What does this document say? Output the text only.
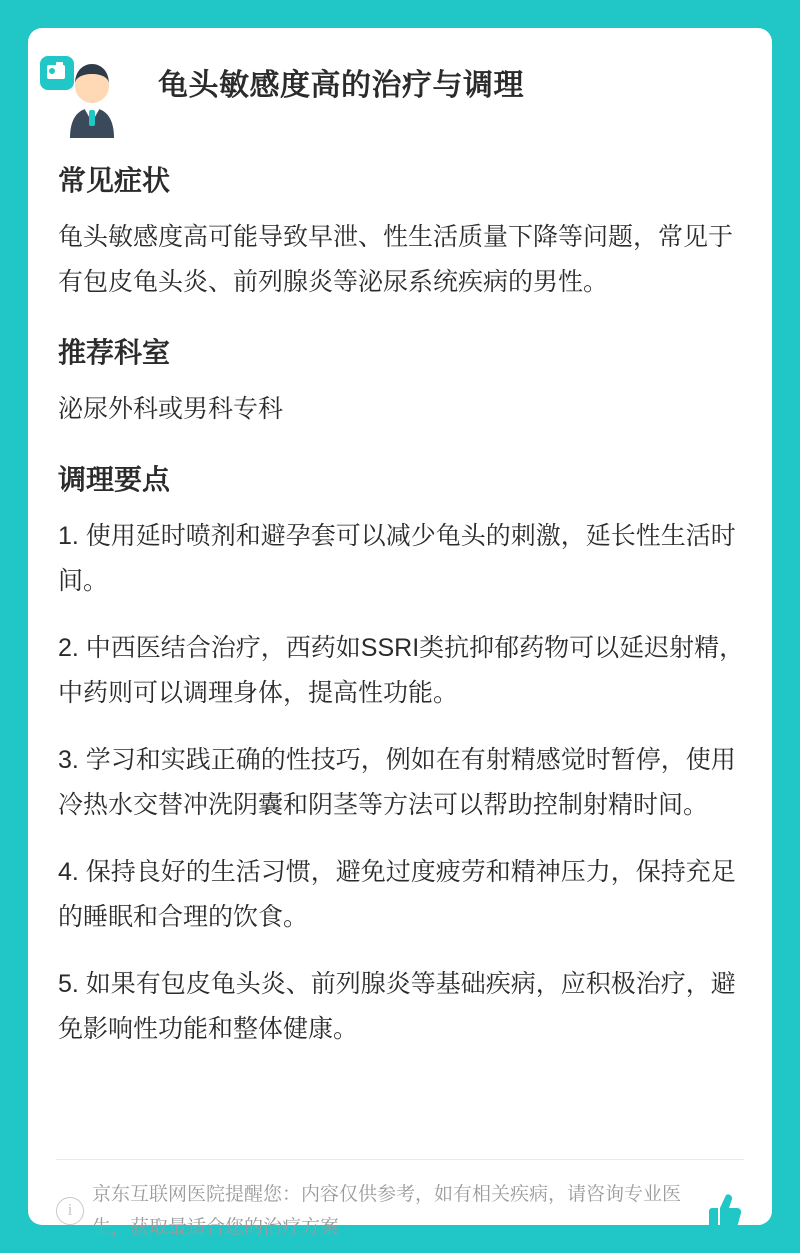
龟头敏感度高的治疗与调理
常见症状

龟头敏感度高可能导致早泄、性生活质量下降等问题，常见于有包皮龟头炎、前列腺炎等泌尿系统疾病的男性。

推荐科室

泌尿外科或男科专科

调理要点

1. 使用延时喷剂和避孕套可以减少龟头的刺激，延长性生活时间。

2. 中西医结合治疗，西药如SSRI类抗抑郁药物可以延迟射精，中药则可以调理身体，提高性功能。

3. 学习和实践正确的性技巧，例如在有射精感觉时暂停，使用冷热水交替冲洗阴囊和阴茎等方法可以帮助控制射精时间。

4. 保持良好的生活习惯，避免过度疲劳和精神压力，保持充足的睡眠和合理的饮食。

5. 如果有包皮龟头炎、前列腺炎等基础疾病，应积极治疗，避免影响性功能和整体健康。

i
京东互联网医院提醒您：内容仅供参考，如有相关疾病，请咨询专业医生，获取最适合您的治疗方案
